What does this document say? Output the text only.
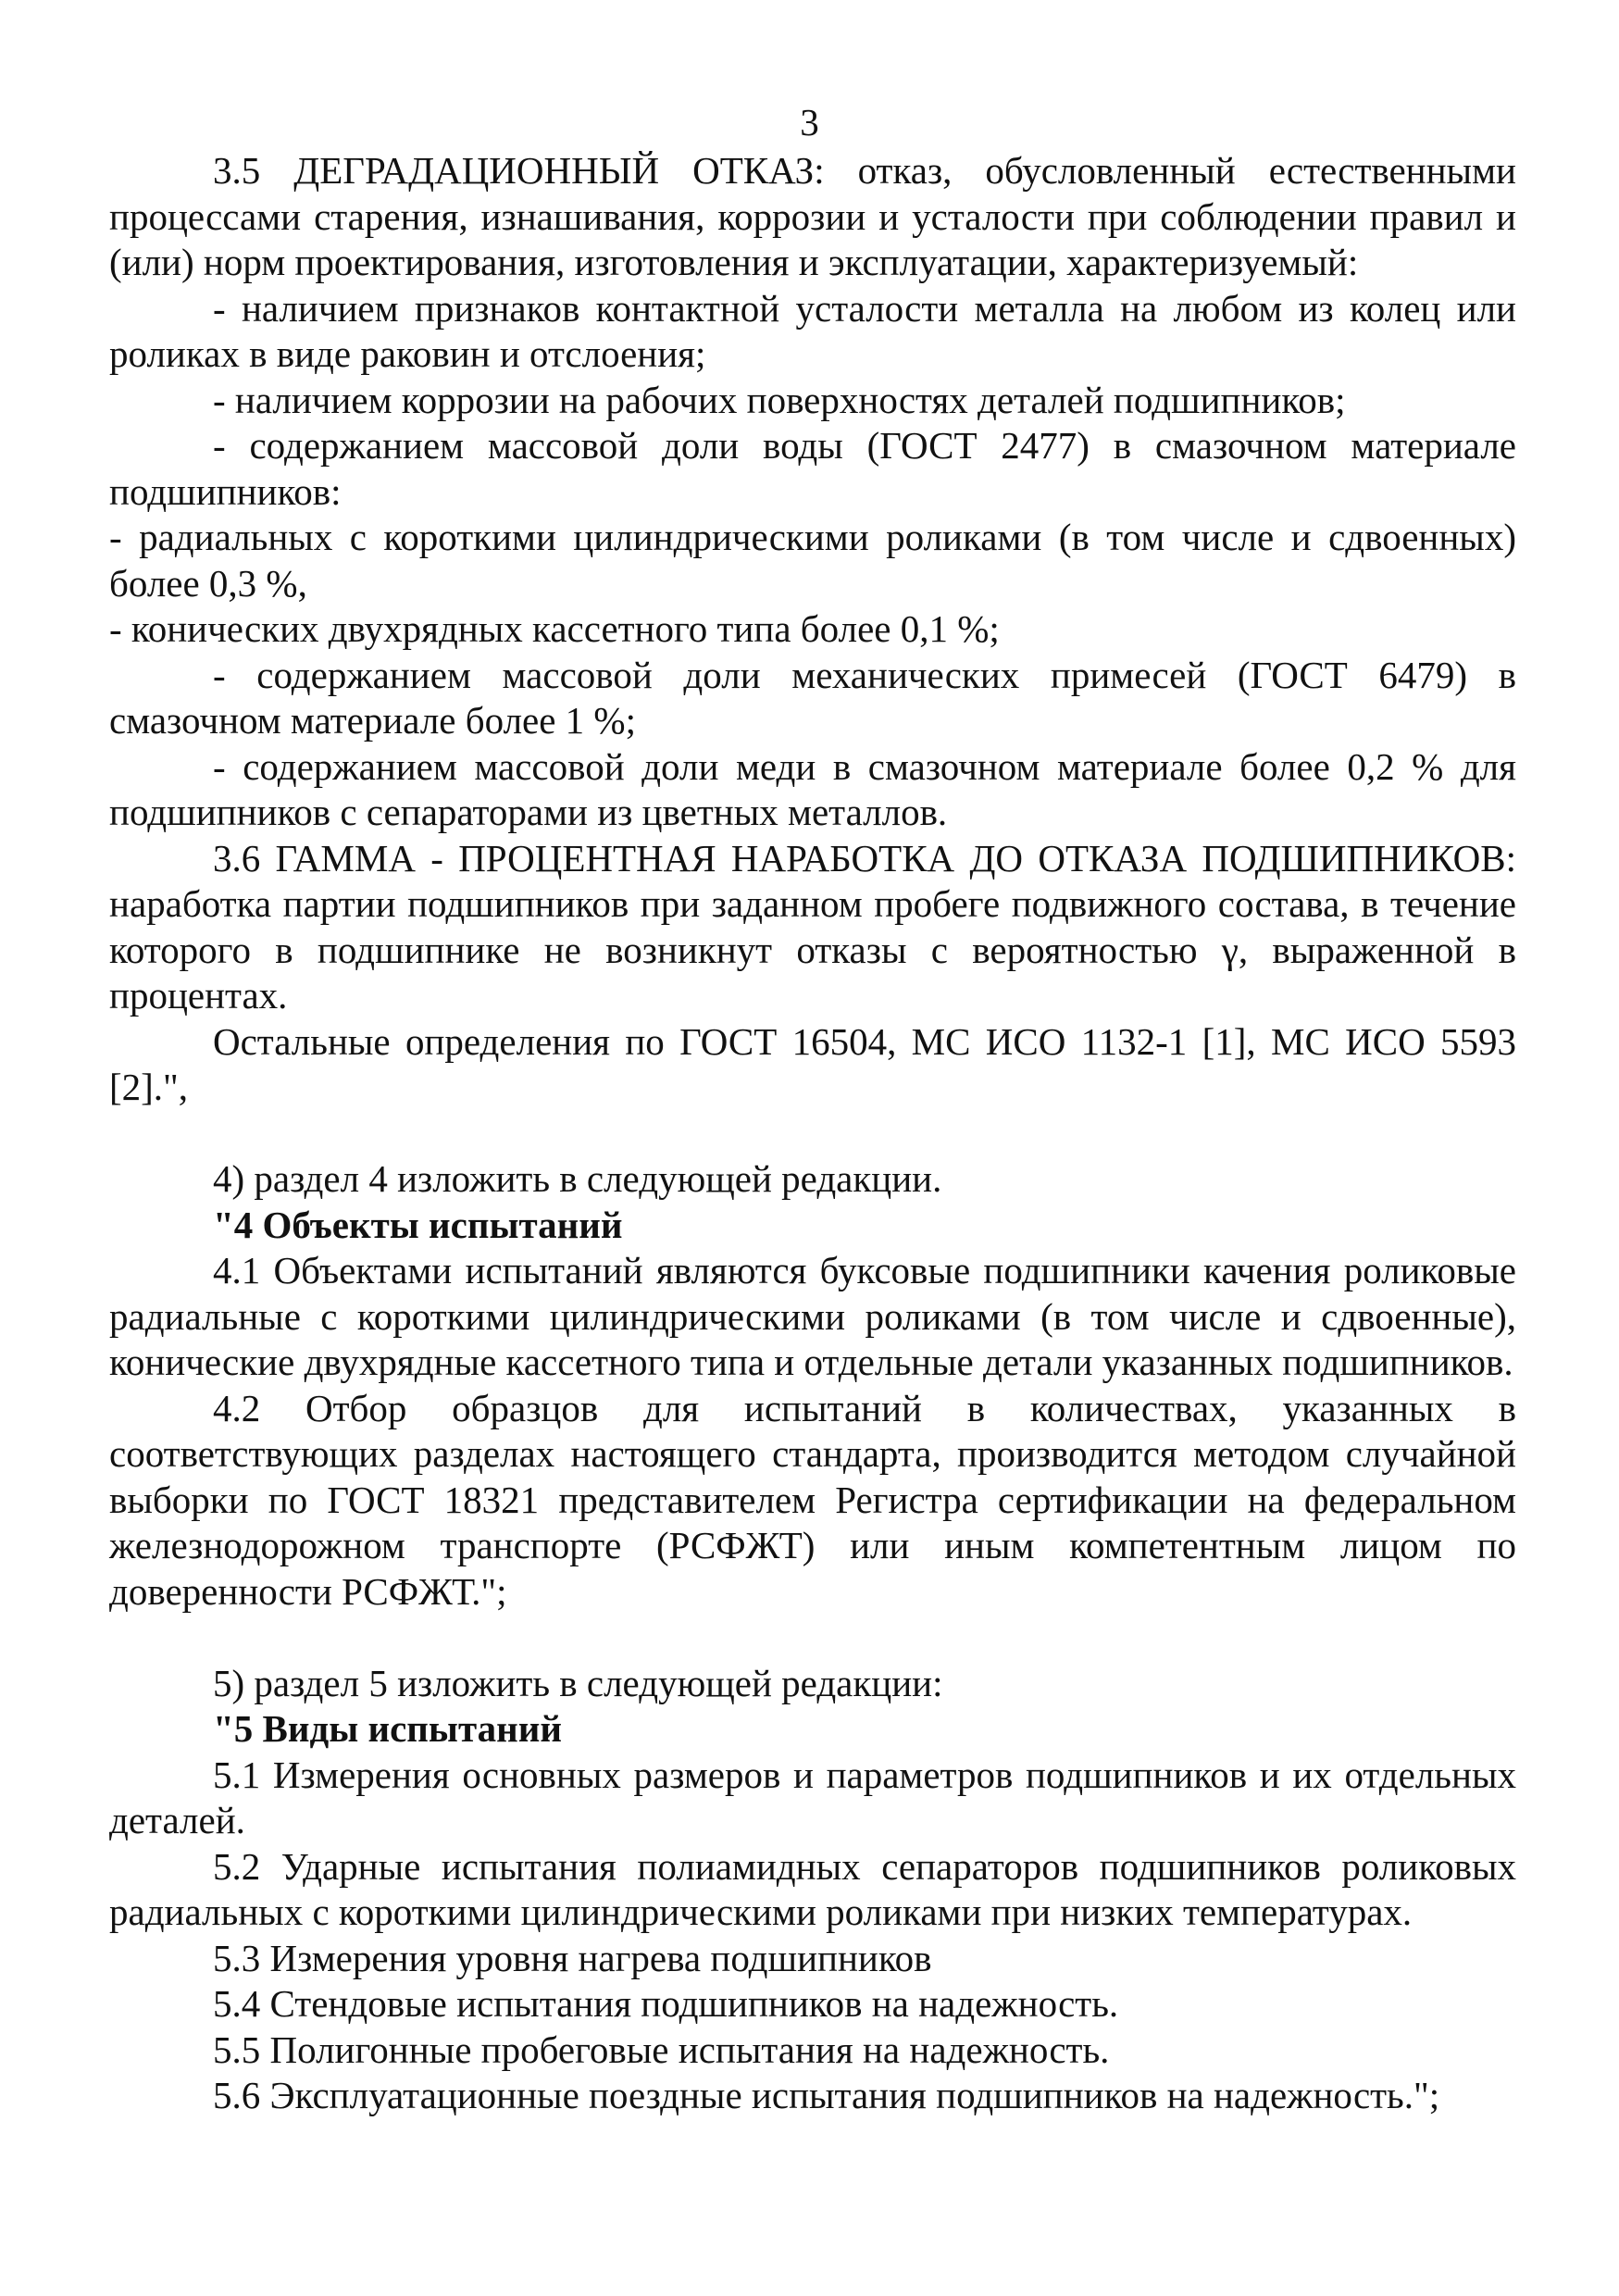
3

3.5 ДЕГРАДАЦИОННЫЙ ОТКАЗ: отказ, обусловленный естественными процессами старения, изнашивания, коррозии и усталости при соблюдении правил и (или) норм проектирования, изготовления и эксплуатации, характеризуемый:

- наличием признаков контактной усталости металла на любом из колец или роликах в виде раковин и отслоения;

- наличием коррозии на рабочих поверхностях деталей подшипников;

- содержанием массовой доли воды (ГОСТ 2477) в смазочном материале подшипников:

- радиальных с короткими цилиндрическими роликами (в том числе и сдвоенных) более 0,3 %,

- конических двухрядных кассетного типа более 0,1 %;

- содержанием массовой доли механических примесей (ГОСТ 6479) в смазочном материале более 1 %;

- содержанием массовой доли меди в смазочном материале более 0,2 % для подшипников с сепараторами из цветных металлов.

3.6 ГАММА - ПРОЦЕНТНАЯ НАРАБОТКА ДО ОТКАЗА ПОДШИПНИКОВ: наработка партии подшипников при заданном пробеге подвижного состава, в течение которого в подшипнике не возникнут отказы с вероятностью γ, выраженной в процентах.

Остальные определения по ГОСТ 16504, МС ИСО 1132-1 [1], МС ИСО 5593 [2].",

4) раздел 4 изложить в следующей редакции.

"4 Объекты испытаний

4.1 Объектами испытаний являются буксовые подшипники качения роликовые радиальные с короткими цилиндрическими роликами (в том числе и сдвоенные), конические двухрядные кассетного типа и отдельные детали указанных подшипников.

4.2 Отбор образцов для испытаний в количествах, указанных в соответствующих разделах настоящего стандарта, производится методом случайной выборки по ГОСТ 18321 представителем Регистра сертификации на федеральном железнодорожном транспорте (РСФЖТ) или иным компетентным лицом по доверенности РСФЖТ.";

5) раздел 5 изложить в следующей редакции:

"5 Виды испытаний

5.1 Измерения основных размеров и параметров подшипников и их отдельных деталей.

5.2 Ударные испытания полиамидных сепараторов подшипников роликовых радиальных с короткими цилиндрическими роликами при низких температурах.

5.3 Измерения уровня нагрева подшипников

5.4 Стендовые испытания подшипников на надежность.

5.5 Полигонные пробеговые испытания на надежность.

5.6 Эксплуатационные поездные испытания подшипников на надежность.";
